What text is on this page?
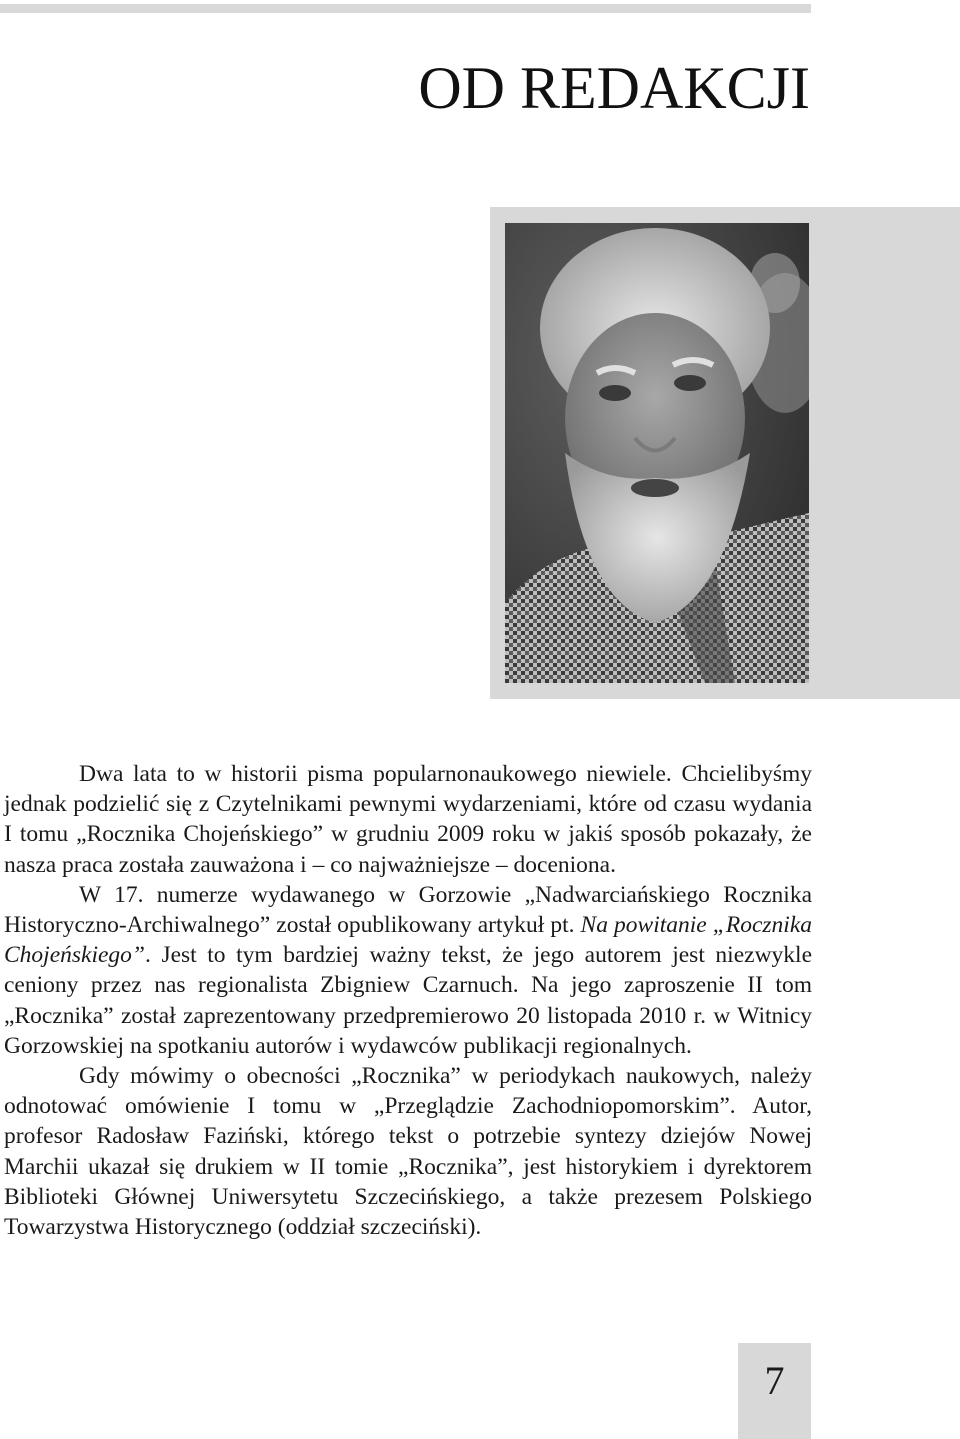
OD REDAKCJI

Dwa lata to w historii pisma popularnonaukowego niewiele. Chcielibyśmy jednak podzielić się z Czytelnikami pewnymi wydarzeniami, które od czasu wydania I tomu „Rocznika Chojeńskiego” w grudniu 2009 roku w jakiś sposób pokazały, że nasza praca została zauważona i – co najważniejsze – doceniona.

W 17. numerze wydawanego w Gorzowie „Nadwarciańskiego Rocznika Historyczno-Archiwalnego” został opublikowany artykuł pt. Na powitanie „Rocznika Chojeńskiego”. Jest to tym bardziej ważny tekst, że jego autorem jest niezwykle ceniony przez nas regionalista Zbigniew Czarnuch. Na jego zaproszenie II tom „Rocznika” został zaprezentowany przedpremierowo 20 listopada 2010 r. w Witnicy Gorzowskiej na spotkaniu autorów i wydawców publikacji regionalnych.

Gdy mówimy o obecności „Rocznika” w periodykach naukowych, należy odnotować omówienie I tomu w „Przeglądzie Zachodniopomorskim”. Autor, profesor Radosław Faziński, którego tekst o potrzebie syntezy dziejów Nowej Marchii ukazał się drukiem w II tomie „Rocznika”, jest historykiem i dyrektorem Biblioteki Głównej Uniwersytetu Szczecińskiego, a także prezesem Polskiego Towarzystwa Historycznego (oddział szczeciński).

7
